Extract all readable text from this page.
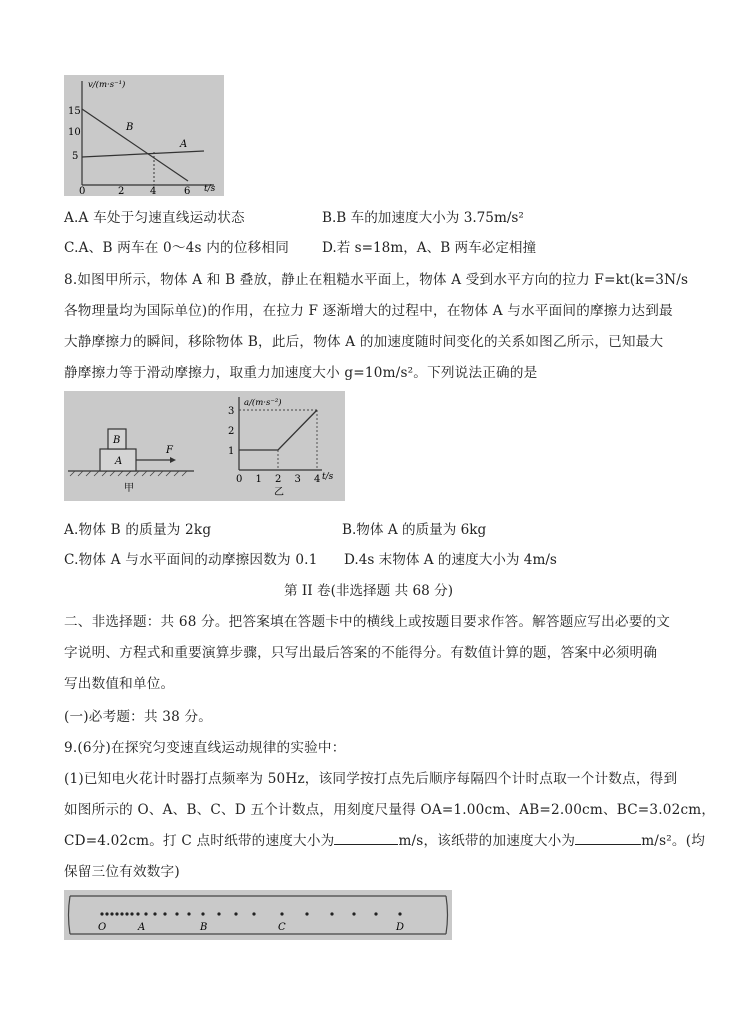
v/(m·s⁻¹)
t/s
15
10
5
0	2	4	6
B
A
A.A 车处于匀速直线运动状态	B.B 车的加速度大小为 3.75m/s²
C.A、B 两车在 0～4s 内的位移相同 D.若 s=18m，A、B 两车必定相撞
8.如图甲所示，物体 A 和 B 叠放，静止在粗糙水平面上，物体 A 受到水平方向的拉力 F=kt(k=3N/s
各物理量均为国际单位)的作用，在拉力 F 逐渐增大的过程中，在物体 A 与水平面间的摩擦力达到最
大静摩擦力的瞬间，移除物体 B，此后，物体 A 的加速度随时间变化的关系如图乙所示，已知最大
静摩擦力等于滑动摩擦力，取重力加速度大小 g=10m/s²。下列说法正确的是
A
B
F
甲
a/(m·s⁻²)
t/s
0 1 2 3 4
3
2
1
乙
A.物体 B 的质量为 2kg	B.物体 A 的质量为 6kg
C.物体 A 与水平面间的动摩擦因数为 0.1 D.4s 末物体 A 的速度大小为 4m/s
第 II 卷(非选择题 共 68 分)
二、非选择题：共 68 分。把答案填在答题卡中的横线上或按题目要求作答。解答题应写出必要的文
字说明、方程式和重要演算步骤，只写出最后答案的不能得分。有数值计算的题，答案中必须明确
写出数值和单位。
(一)必考题：共 38 分。
9.(6分)在探究匀变速直线运动规律的实验中：
(1)已知电火花计时器打点频率为 50Hz，该同学按打点先后顺序每隔四个计时点取一个计数点，得到
如图所示的 O、A、B、C、D 五个计数点，用刻度尺量得 OA=1.00cm、AB=2.00cm、BC=3.02cm，
CD=4.02cm。打 C 点时纸带的速度大小为	m/s，该纸带的加速度大小为	m/s²。(均
保留三位有效数字)
O	A	B	C	D
